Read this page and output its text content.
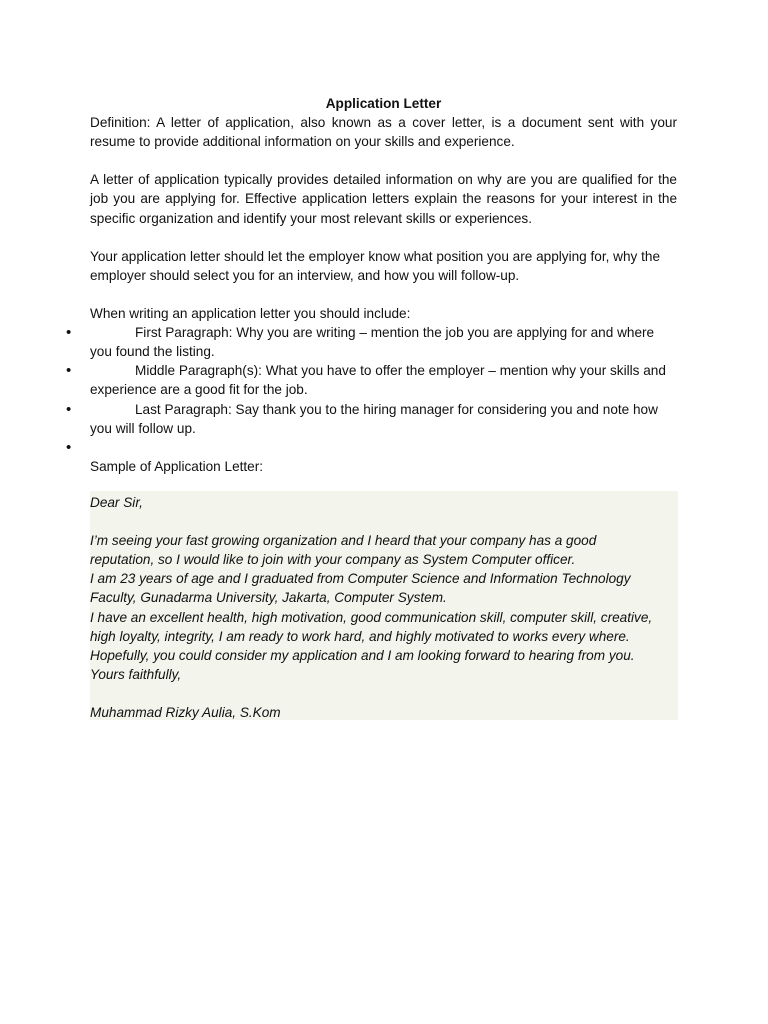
Application Letter

Definition: A letter of application, also known as a cover letter, is a document sent with your resume to provide additional information on your skills and experience.

A letter of application typically provides detailed information on why are you are qualified for the job you are applying for. Effective application letters explain the reasons for your interest in the specific organization and identify your most relevant skills or experiences.

Your application letter should let the employer know what position you are applying for, why the employer should select you for an interview, and how you will follow-up.

When writing an application letter you should include:

•	First Paragraph: Why you are writing – mention the job you are applying for and where you found the listing.
•	Middle Paragraph(s): What you have to offer the employer – mention why your skills and experience are a good fit for the job.
•	Last Paragraph: Say thank you to the hiring manager for considering you and note how you will follow up.
•

Sample of Application Letter:

Dear Sir,

I’m seeing your fast growing organization and I heard that your company has a good

reputation, so I would like to join with your company as System Computer officer.

I am 23 years of age and I graduated from Computer Science and Information Technology

Faculty, Gunadarma University, Jakarta, Computer System.

I have an excellent health, high motivation, good communication skill, computer skill, creative,

high loyalty, integrity, I am ready to work hard, and highly motivated to works every where.

Hopefully, you could consider my application and I am looking forward to hearing from you.

Yours faithfully,

Muhammad Rizky Aulia, S.Kom
